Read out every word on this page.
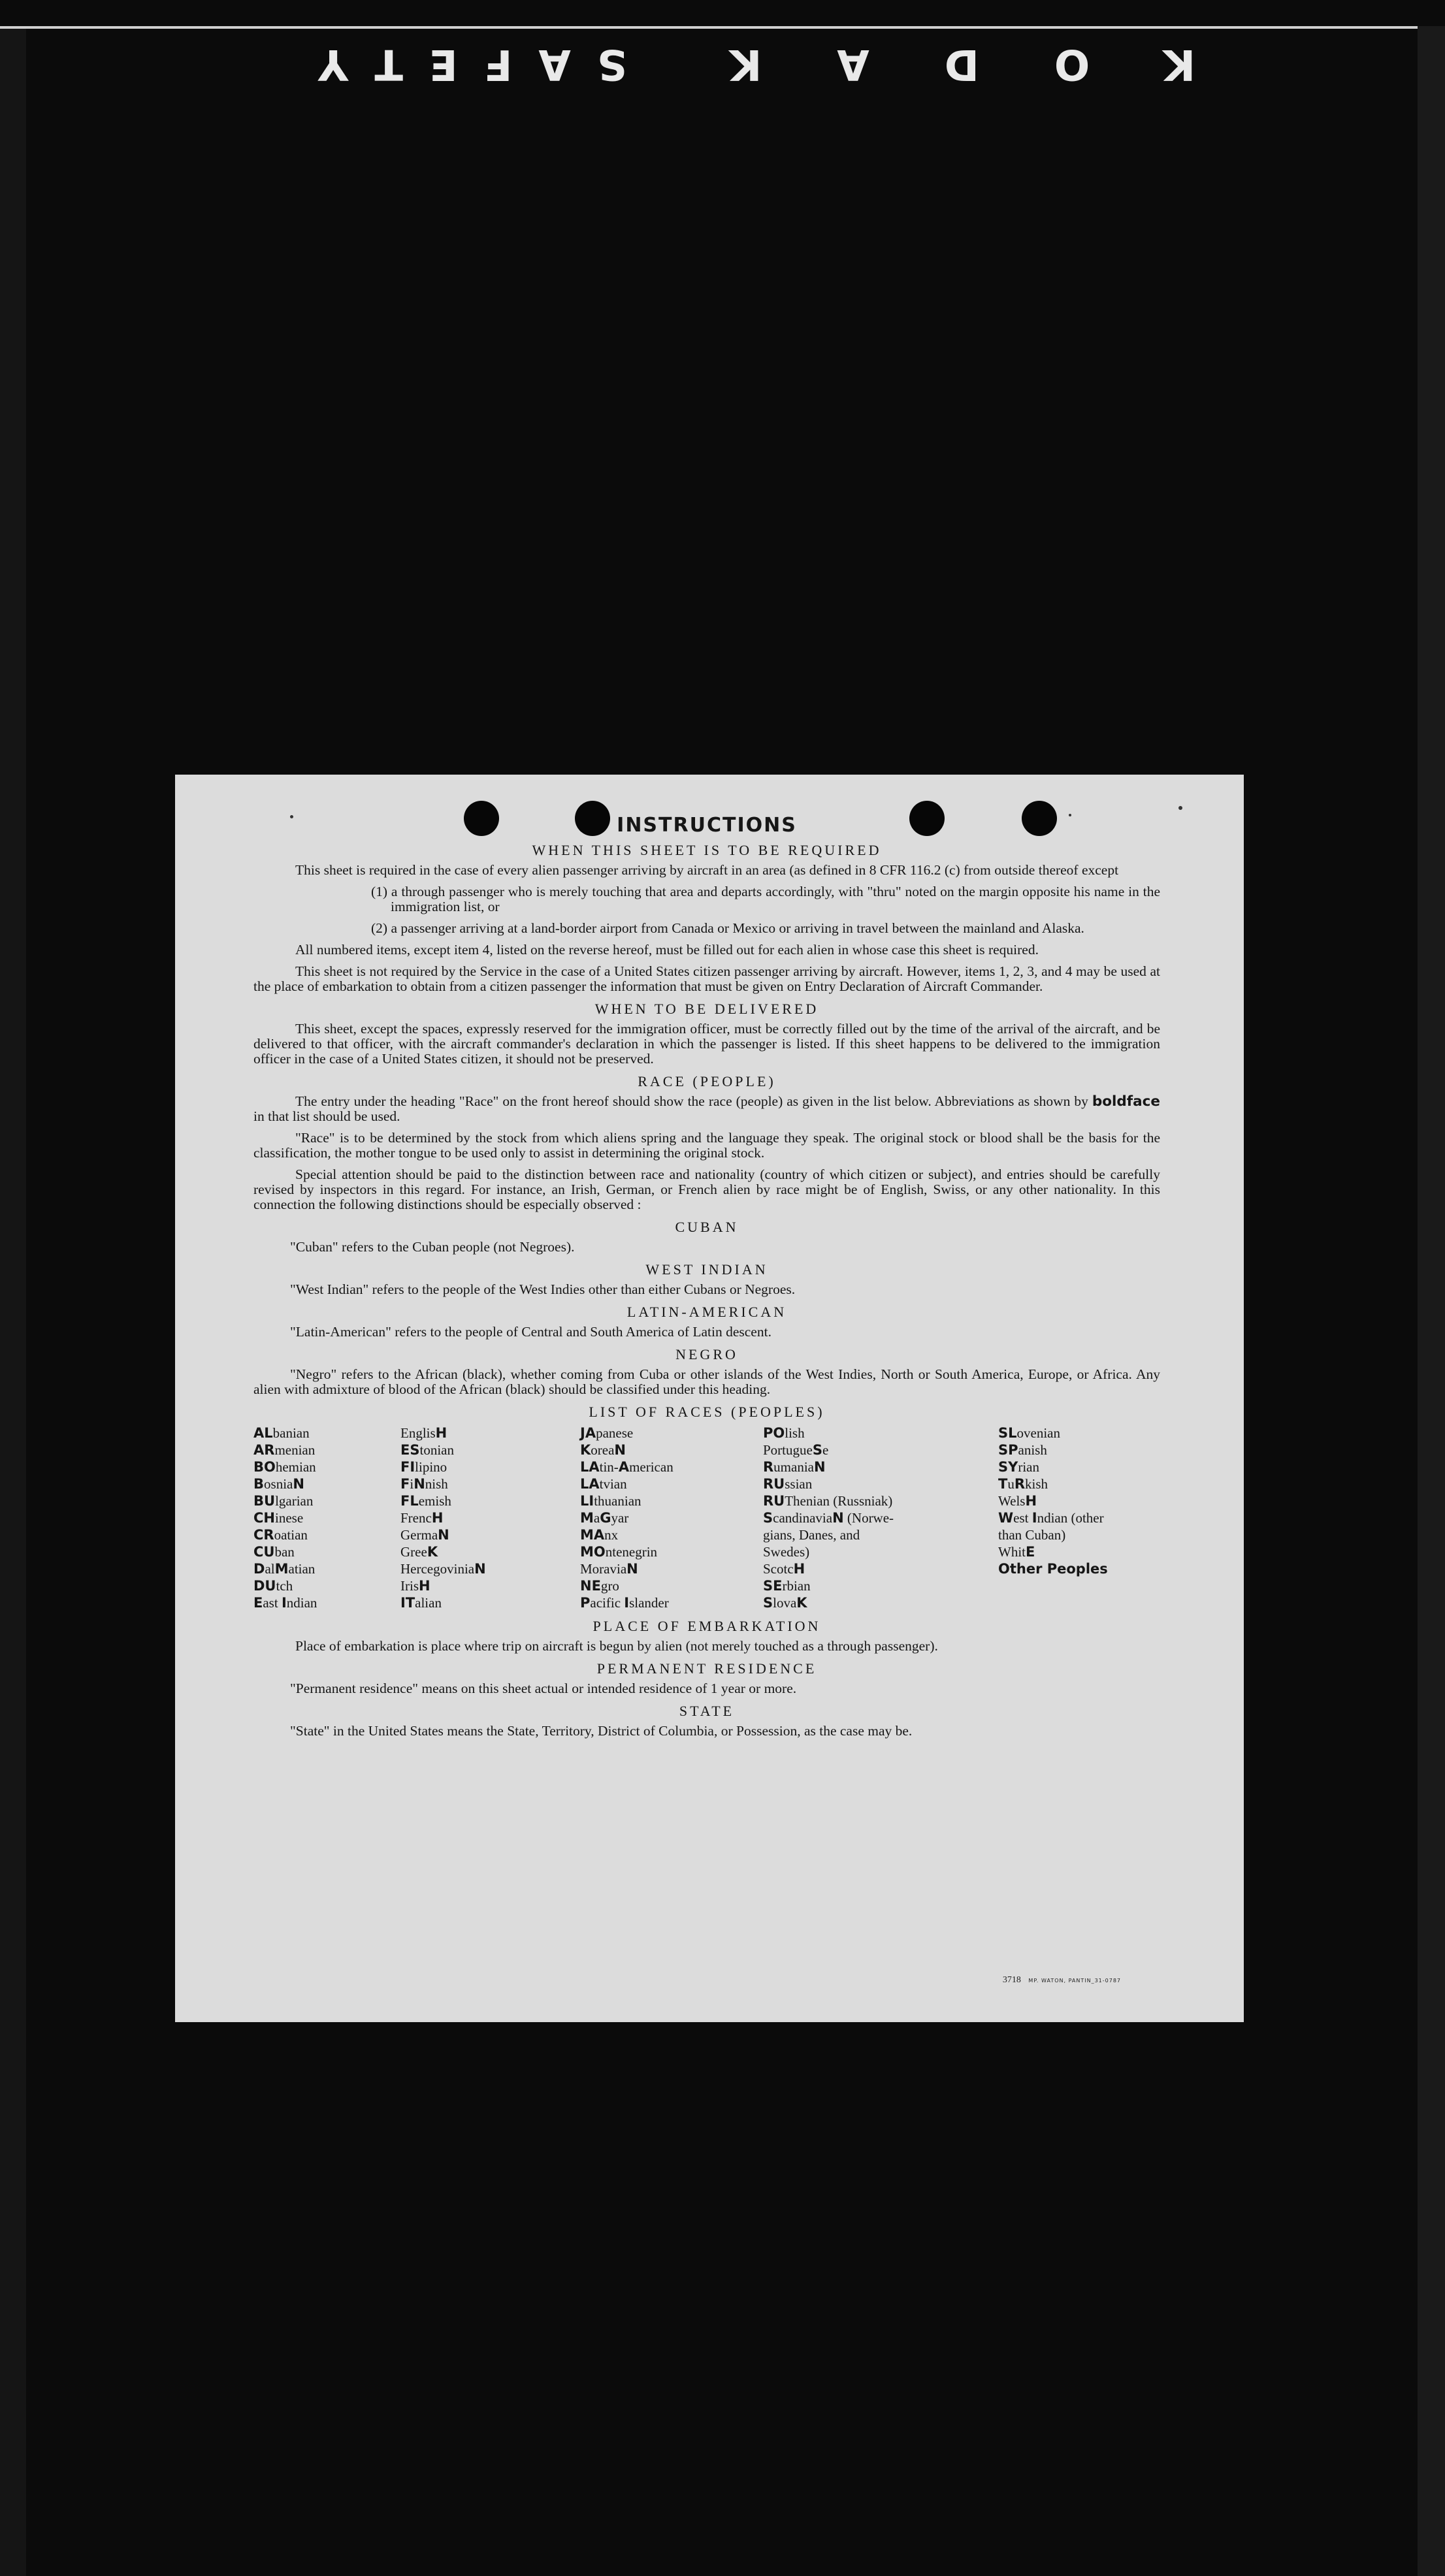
SAFETY KODAK
INSTRUCTIONS
WHEN THIS SHEET IS TO BE REQUIRED

This sheet is required in the case of every alien passenger arriving by aircraft in an area (as defined in 8 CFR 116.2 (c) from outside thereof except

(1) a through passenger who is merely touching that area and departs accordingly, with "thru" noted on the margin opposite his name in the immigration list, or

(2) a passenger arriving at a land-border airport from Canada or Mexico or arriving in travel between the mainland and Alaska.

All numbered items, except item 4, listed on the reverse hereof, must be filled out for each alien in whose case this sheet is required.

This sheet is not required by the Service in the case of a United States citizen passenger arriving by aircraft. However, items 1, 2, 3, and 4 may be used at the place of embarkation to obtain from a citizen passenger the information that must be given on Entry Declaration of Aircraft Commander.

WHEN TO BE DELIVERED

This sheet, except the spaces, expressly reserved for the immigration officer, must be correctly filled out by the time of the arrival of the aircraft, and be delivered to that officer, with the aircraft commander's declaration in which the passenger is listed. If this sheet happens to be delivered to the immigration officer in the case of a United States citizen, it should not be preserved.

RACE (PEOPLE)

The entry under the heading "Race" on the front hereof should show the race (people) as given in the list below. Abbreviations as shown by boldface in that list should be used.

"Race" is to be determined by the stock from which aliens spring and the language they speak. The original stock or blood shall be the basis for the classification, the mother tongue to be used only to assist in determining the original stock.

Special attention should be paid to the distinction between race and nationality (country of which citizen or subject), and entries should be carefully revised by inspectors in this regard. For instance, an Irish, German, or French alien by race might be of English, Swiss, or any other nationality. In this connection the following distinctions should be especially observed :

CUBAN

"Cuban" refers to the Cuban people (not Negroes).

WEST INDIAN

"West Indian" refers to the people of the West Indies other than either Cubans or Negroes.

LATIN-AMERICAN

"Latin-American" refers to the people of Central and South America of Latin descent.

NEGRO

"Negro" refers to the African (black), whether coming from Cuba or other islands of the West Indies, North or South America, Europe, or Africa. Any alien with admixture of blood of the African (black) should be classified under this heading.

LIST OF RACES (PEOPLES)
ALbanian
ARmenian
BOhemian
BosniaN
BUlgarian
CHinese
CRoatian
CUban
DalMatian
DUtch
East Indian
EnglisH
EStonian
FIlipino
FiNnish
FLemish
FrencH
GermaN
GreeK
HercegoviniaN
IrisH
ITalian
JApanese
KoreaN
LAtin-American
LAtvian
LIthuanian
MaGyar
MAnx
MOntenegrin
MoraviaN
NEgro
Pacific Islander
POlish
PortugueSe
RumaniaN
RUssian
RUThenian (Russniak)
ScandinaviaN (Norwe-
gians, Danes, and
Swedes)
ScotcH
SErbian
SlovaK
SLovenian
SPanish
SYrian
TuRkish
WelsH
West Indian (other
than Cuban)
WhitE
Other Peoples
PLACE OF EMBARKATION

Place of embarkation is place where trip on aircraft is begun by alien (not merely touched as a through passenger).

PERMANENT RESIDENCE

"Permanent residence" means on this sheet actual or intended residence of 1 year or more.

STATE

"State" in the United States means the State, Territory, District of Columbia, or Possession, as the case may be.

3718 MP. WATON, PANTIN_31-0787
